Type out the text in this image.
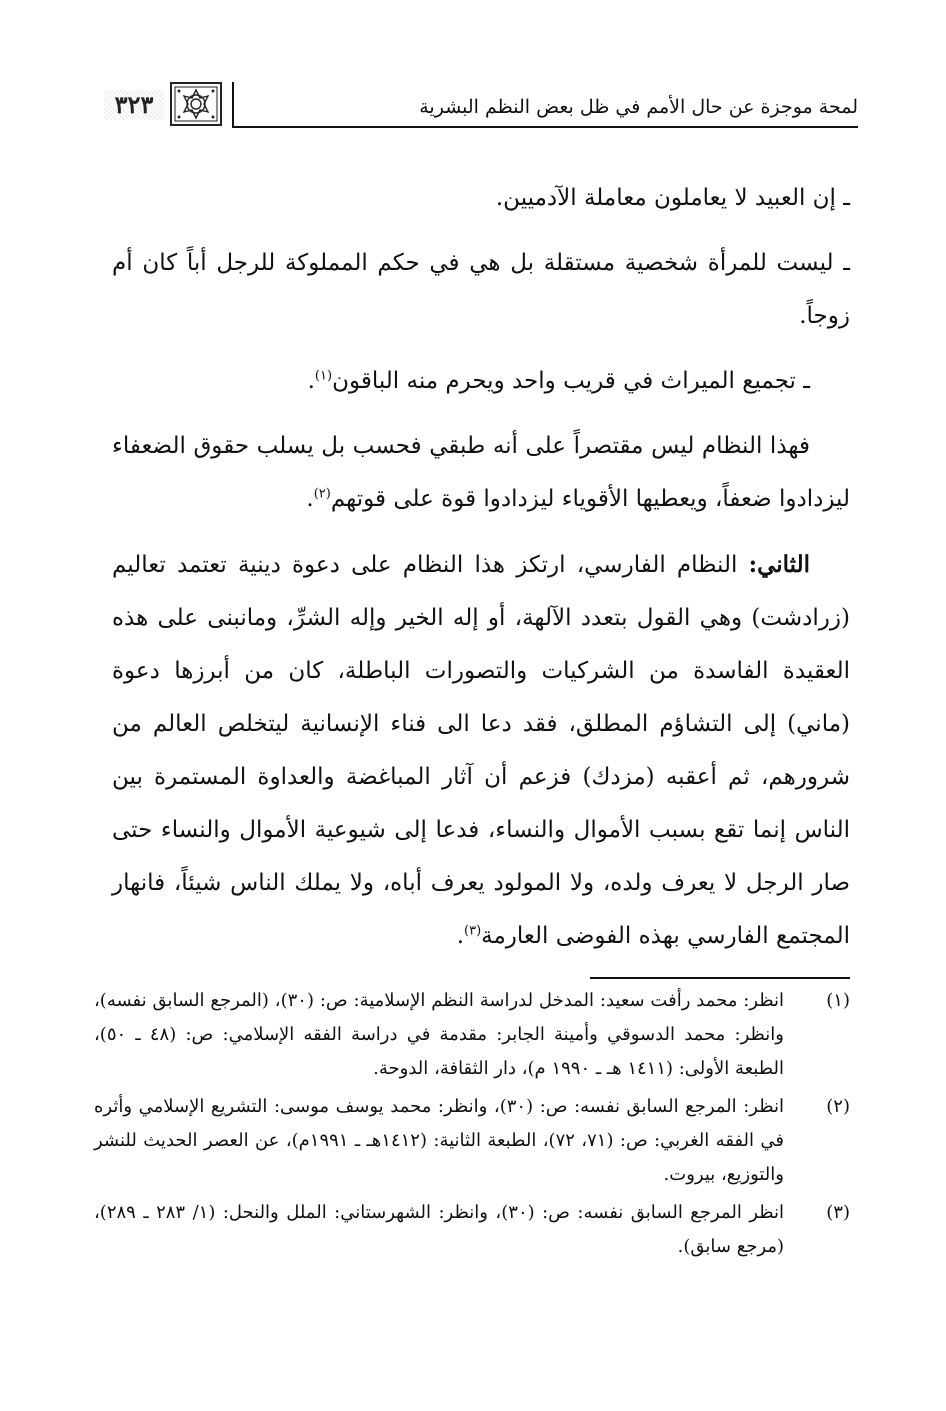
لمحة موجزة عن حال الأمم في ظل بعض النظم البشرية
٣٢٣

ـ إن العبيد لا يعاملون معاملة الآدميين.

ـ ليست للمرأة شخصية مستقلة بل هي في حكم المملوكة للرجل أباً كان أم زوجاً.

ـ تجميع الميراث في قريب واحد ويحرم منه الباقون$^{(١)}$.

فهذا النظام ليس مقتصراً على أنه طبقي فحسب بل يسلب حقوق الضعفاء ليزدادوا ضعفاً، ويعطيها الأقوياء ليزدادوا قوة على قوتهم$^{(٢)}$.

الثاني: النظام الفارسي، ارتكز هذا النظام على دعوة دينية تعتمد تعاليم (زرادشت) وهي القول بتعدد الآلهة، أو إله الخير وإله الشرِّ، ومانبنى على هذه العقيدة الفاسدة من الشركيات والتصورات الباطلة، كان من أبرزها دعوة (ماني) إلى التشاؤم المطلق، فقد دعا الى فناء الإنسانية ليتخلص العالم من شرورهم، ثم أعقبه (مزدك) فزعم أن آثار المباغضة والعداوة المستمرة بين الناس إنما تقع بسبب الأموال والنساء، فدعا إلى شيوعية الأموال والنساء حتى صار الرجل لا يعرف ولده، ولا المولود يعرف أباه، ولا يملك الناس شيئاً، فانهار المجتمع الفارسي بهذه الفوضى العارمة$^{(٣)}$.

(١)
انظر: محمد رأفت سعيد: المدخل لدراسة النظم الإسلامية: ص: (٣٠)، (المرجع السابق نفسه)، وانظر: محمد الدسوقي وأمينة الجابر: مقدمة في دراسة الفقه الإسلامي: ص: (٤٨ ـ ٥٠)، الطبعة الأولى: (١٤١١ هـ ـ ١٩٩٠ م)، دار الثقافة، الدوحة.
(٢)
انظر: المرجع السابق نفسه: ص: (٣٠)، وانظر: محمد يوسف موسى: التشريع الإسلامي وأثره في الفقه الغربي: ص: (٧١، ٧٢)، الطبعة الثانية: (١٤١٢هـ ـ ١٩٩١م)، عن العصر الحديث للنشر والتوزيع، بيروت.
(٣)
انظر المرجع السابق نفسه: ص: (٣٠)، وانظر: الشهرستاني: الملل والنحل: (١/ ٢٨٣ ـ ٢٨٩)، (مرجع سابق).
